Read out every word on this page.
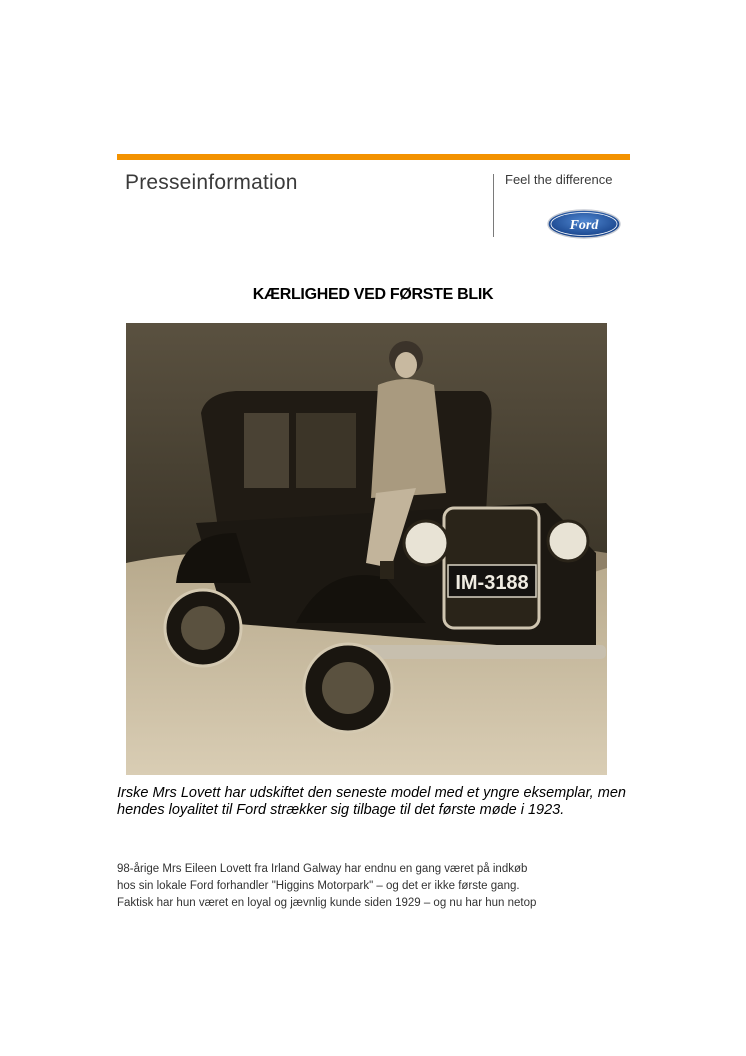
Presseinformation	Feel the difference
Ford
KÆRLIGHED VED FØRSTE BLIK
IM-3188
Irske Mrs Lovett har udskiftet den seneste model med et yngre eksemplar, men hendes loyalitet til Ford strækker sig tilbage til det første møde i 1923.

98-årige Mrs Eileen Lovett fra Irland Galway har endnu en gang været på indkøb

hos sin lokale Ford forhandler "Higgins Motorpark" – og det er ikke første gang.

Faktisk har hun været en loyal og jævnlig kunde siden 1929 – og nu har hun netop
